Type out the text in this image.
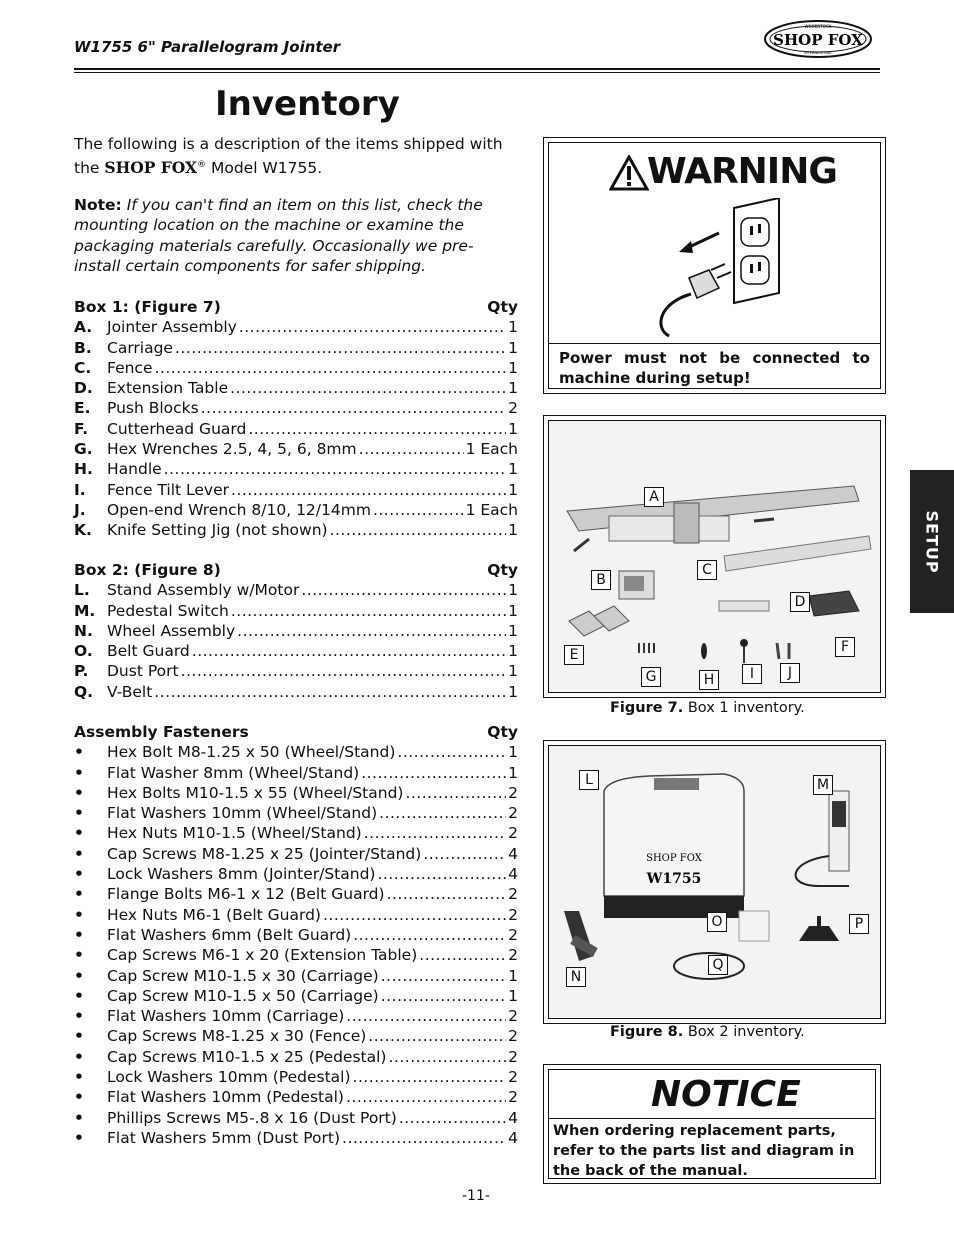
W1755 6" Parallelogram Jointer
WOODSTOCK
SHOP FOX
INTERNATIONAL
Inventory
The following is a description of the items shipped with the SHOP FOX® Model W1755.
Note: If you can't find an item on this list, check the mounting location on the machine or examine the packaging materials carefully. Occasionally we pre-install certain components for safer shipping.
Box 1: (Figure 7)	Qty
A. Jointer Assembly .....	1
B. Carriage .....	1
C.	Fence .....	1
D. Extension Table .....	1
E.	Push Blocks .....	2
F.	Cutterhead Guard .....	1
G. Hex Wrenches 2.5, 4, 5, 6, 8mm .....	1 Each
H. Handle .....	1
I.	Fence Tilt Lever .....	1
J.	Open-end Wrench 8/10, 12/14mm .....	1 Each
K. Knife Setting Jig (not shown) .....	1
Box 2: (Figure 8)	Qty
L.	Stand Assembly w/Motor .....	1
M. Pedestal Switch .....	1
N. Wheel Assembly .....	1
O. Belt Guard .....	1
P.	Dust Port .....	1
Q. V-Belt .....	1
Assembly Fasteners	Qty
•	Hex Bolt M8-1.25 x 50 (Wheel/Stand) .....	1
•	Flat Washer 8mm (Wheel/Stand) .....	1
•	Hex Bolts M10-1.5 x 55 (Wheel/Stand) .....	2
•	Flat Washers 10mm (Wheel/Stand) .....	2
•	Hex Nuts M10-1.5 (Wheel/Stand) .....	2
•	Cap Screws M8-1.25 x 25 (Jointer/Stand) .....	4
•	Lock Washers 8mm (Jointer/Stand) .....	4
•	Flange Bolts M6-1 x 12 (Belt Guard) .....	2
•	Hex Nuts M6-1 (Belt Guard) .....	2
•	Flat Washers 6mm (Belt Guard) .....	2
•	Cap Screws M6-1 x 20 (Extension Table) .....	2
•	Cap Screw M10-1.5 x 30 (Carriage) .....	1
•	Cap Screw M10-1.5 x 50 (Carriage) .....	1
•	Flat Washers 10mm (Carriage) .....	2
•	Cap Screws M8-1.25 x 30 (Fence) .....	2
•	Cap Screws M10-1.5 x 25 (Pedestal) .....	2
•	Lock Washers 10mm (Pedestal) .....	2
•	Flat Washers 10mm (Pedestal) .....	2
•	Phillips Screws M5-.8 x 16 (Dust Port) .....	4
•	Flat Washers 5mm (Dust Port) .....	4
WARNING
Power must not be connected to machine during setup!
A
B
C
D
E	F
G	H	I	J
Figure 7. Box 1 inventory.
SHOP FOX
W1755
L	M
N
O	P
Q
Figure 8. Box 2 inventory.
NOTICE
When ordering replacement parts, refer to the parts list and diagram in the back of the manual.
SETUP
-11-
